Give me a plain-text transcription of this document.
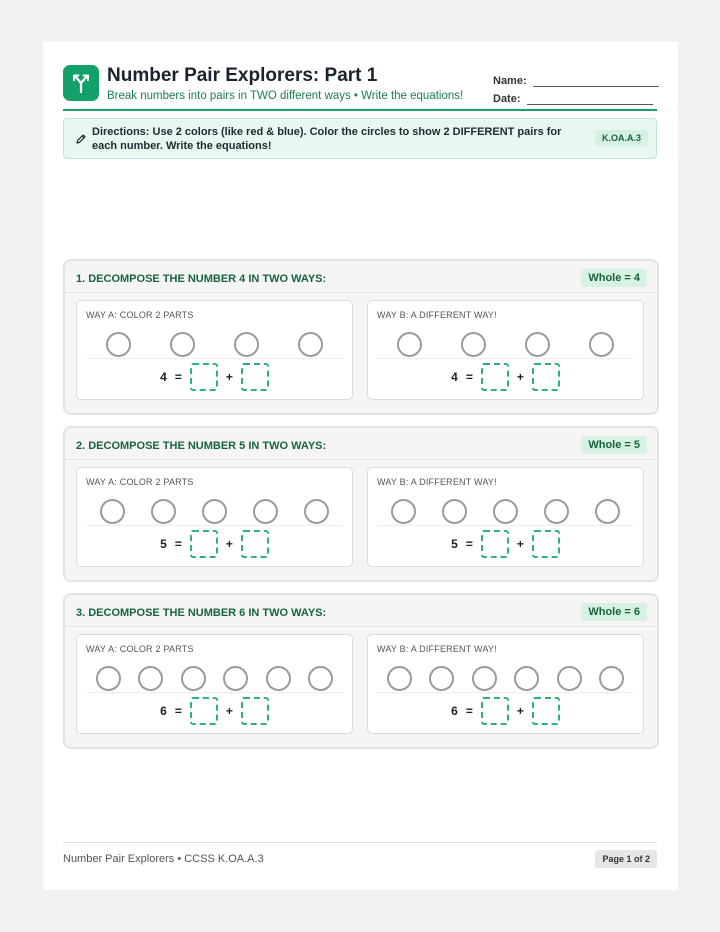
Number Pair Explorers: Part 1
Break numbers into pairs in TWO different ways • Write the equations!
Name:
Date:
Directions: Use 2 colors (like red & blue). Color the circles to show 2 DIFFERENT pairs for each number. Write the equations!
K.OA.A.3
1. DECOMPOSE THE NUMBER 4 IN TWO WAYS:	Whole = 4
WAY A: COLOR 2 PARTS
4 =	+
WAY B: A DIFFERENT WAY!
4 =	+
2. DECOMPOSE THE NUMBER 5 IN TWO WAYS:	Whole = 5
WAY A: COLOR 2 PARTS
5 =	+
WAY B: A DIFFERENT WAY!
5 =	+
3. DECOMPOSE THE NUMBER 6 IN TWO WAYS:	Whole = 6
WAY A: COLOR 2 PARTS
6 =	+
WAY B: A DIFFERENT WAY!
6 =	+
Number Pair Explorers • CCSS K.OA.A.3	Page 1 of 2
